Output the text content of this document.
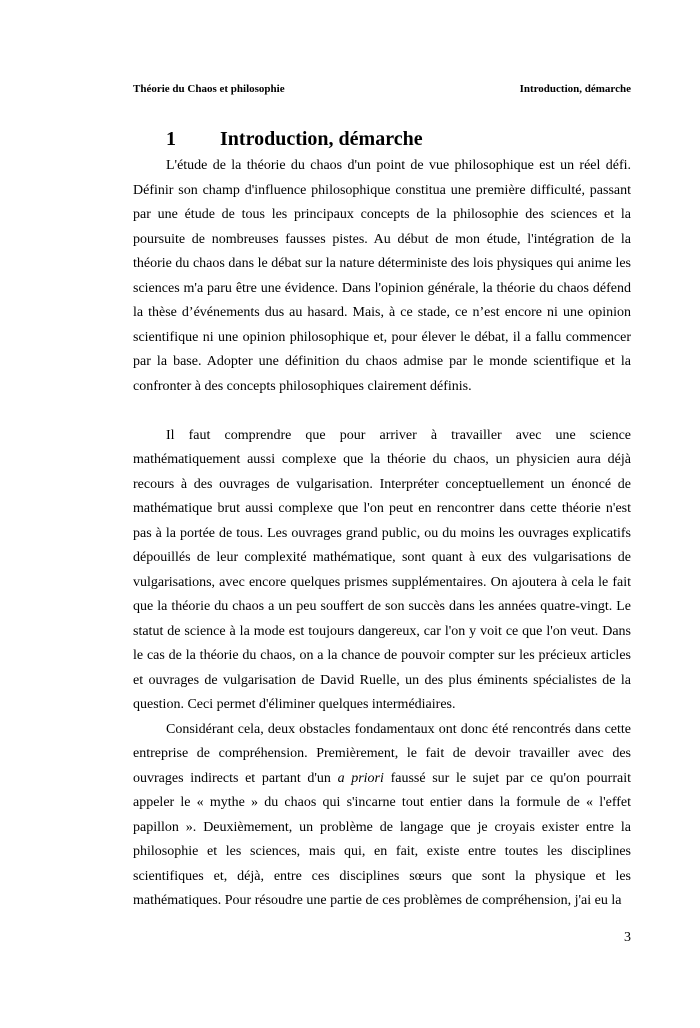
Théorie du Chaos et philosophie	Introduction, démarche
1 Introduction, démarche

L'étude de la théorie du chaos d'un point de vue philosophique est un réel défi. Définir son champ d'influence philosophique constitua une première difficulté, passant par une étude de tous les principaux concepts de la philosophie des sciences et la poursuite de nombreuses fausses pistes. Au début de mon étude, l'intégration de la théorie du chaos dans le débat sur la nature déterministe des lois physiques qui anime les sciences m'a paru être une évidence. Dans l'opinion générale, la théorie du chaos défend la thèse d’événements dus au hasard. Mais, à ce stade, ce n’est encore ni une opinion scientifique ni une opinion philosophique et, pour élever le débat, il a fallu commencer par la base. Adopter une définition du chaos admise par le monde scientifique et la confronter à des concepts philosophiques clairement définis.

Il faut comprendre que pour arriver à travailler avec une science mathématiquement aussi complexe que la théorie du chaos, un physicien aura déjà recours à des ouvrages de vulgarisation. Interpréter conceptuellement un énoncé de mathématique brut aussi complexe que l'on peut en rencontrer dans cette théorie n'est pas à la portée de tous. Les ouvrages grand public, ou du moins les ouvrages explicatifs dépouillés de leur complexité mathématique, sont quant à eux des vulgarisations de vulgarisations, avec encore quelques prismes supplémentaires. On ajoutera à cela le fait que la théorie du chaos a un peu souffert de son succès dans les années quatre-vingt. Le statut de science à la mode est toujours dangereux, car l'on y voit ce que l'on veut. Dans le cas de la théorie du chaos, on a la chance de pouvoir compter sur les précieux articles et ouvrages de vulgarisation de David Ruelle, un des plus éminents spécialistes de la question. Ceci permet d'éliminer quelques intermédiaires.

Considérant cela, deux obstacles fondamentaux ont donc été rencontrés dans cette entreprise de compréhension. Premièrement, le fait de devoir travailler avec des ouvrages indirects et partant d'un a priori faussé sur le sujet par ce qu'on pourrait appeler le « mythe » du chaos qui s'incarne tout entier dans la formule de « l'effet papillon ». Deuxièmement, un problème de langage que je croyais exister entre la philosophie et les sciences, mais qui, en fait, existe entre toutes les disciplines scientifiques et, déjà, entre ces disciplines sœurs que sont la physique et les mathématiques. Pour résoudre une partie de ces problèmes de compréhension, j'ai eu la

3
